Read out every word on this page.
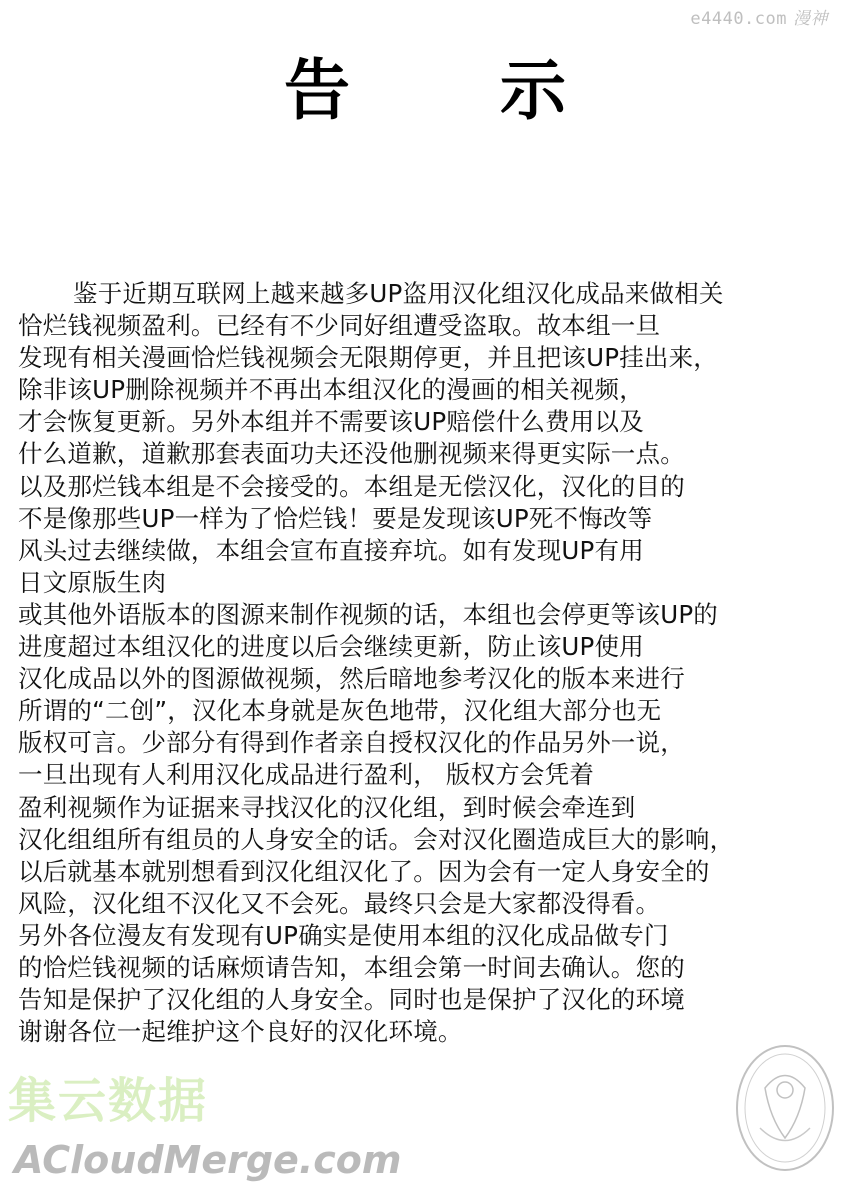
e4440.com 漫神
告 示
鉴于近期互联网上越来越多UP盗用汉化组汉化成品来做相关
恰烂钱视频盈利。已经有不少同好组遭受盗取。故本组一旦
发现有相关漫画恰烂钱视频会无限期停更，并且把该UP挂出来，
除非该UP删除视频并不再出本组汉化的漫画的相关视频，
才会恢复更新。另外本组并不需要该UP赔偿什么费用以及
什么道歉，道歉那套表面功夫还没他删视频来得更实际一点。
以及那烂钱本组是不会接受的。本组是无偿汉化，汉化的目的
不是像那些UP一样为了恰烂钱！要是发现该UP死不悔改等
风头过去继续做，本组会宣布直接弃坑。如有发现UP有用
日文原版生肉
或其他外语版本的图源来制作视频的话，本组也会停更等该UP的
进度超过本组汉化的进度以后会继续更新，防止该UP使用
汉化成品以外的图源做视频，然后暗地参考汉化的版本来进行
所谓的“二创”，汉化本身就是灰色地带，汉化组大部分也无
版权可言。少部分有得到作者亲自授权汉化的作品另外一说，
一旦出现有人利用汉化成品进行盈利， 版权方会凭着
盈利视频作为证据来寻找汉化的汉化组，到时候会牵连到
汉化组组所有组员的人身安全的话。会对汉化圈造成巨大的影响，
以后就基本就别想看到汉化组汉化了。因为会有一定人身安全的
风险，汉化组不汉化又不会死。最终只会是大家都没得看。
另外各位漫友有发现有UP确实是使用本组的汉化成品做专门
的恰烂钱视频的话麻烦请告知，本组会第一时间去确认。您的
告知是保护了汉化组的人身安全。同时也是保护了汉化的环境
谢谢各位一起维护这个良好的汉化环境。
集云数据
ACloudMerge.com
